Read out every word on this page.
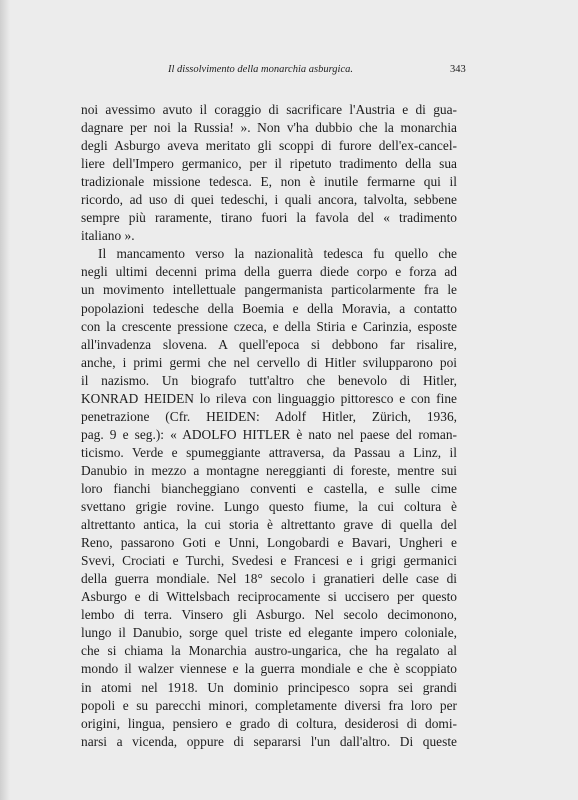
Il dissolvimento della monarchia asburgica.	343
noi avessimo avuto il coraggio di sacrificare l'Austria e di gua-
dagnare per noi la Russia! ». Non v'ha dubbio che la monarchia
degli Asburgo aveva meritato gli scoppi di furore dell'ex-cancel-
liere dell'Impero germanico, per il ripetuto tradimento della sua
tradizionale missione tedesca. E, non è inutile fermarne qui il
ricordo, ad uso di quei tedeschi, i quali ancora, talvolta, sebbene
sempre più raramente, tirano fuori la favola del « tradimento
italiano ».
Il mancamento verso la nazionalità tedesca fu quello che
negli ultimi decenni prima della guerra diede corpo e forza ad
un movimento intellettuale pangermanista particolarmente fra le
popolazioni tedesche della Boemia e della Moravia, a contatto
con la crescente pressione czeca, e della Stiria e Carinzia, esposte
all'invadenza slovena. A quell'epoca si debbono far risalire,
anche, i primi germi che nel cervello di Hitler svilupparono poi
il nazismo. Un biografo tutt'altro che benevolo di Hitler,
KONRAD HEIDEN lo rileva con linguaggio pittoresco e con fine
penetrazione (Cfr. HEIDEN: Adolf Hitler, Zürich, 1936,
pag. 9 e seg.): « ADOLFO HITLER è nato nel paese del roman-
ticismo. Verde e spumeggiante attraversa, da Passau a Linz, il
Danubio in mezzo a montagne nereggianti di foreste, mentre sui
loro fianchi biancheggiano conventi e castella, e sulle cime
svettano grigie rovine. Lungo questo fiume, la cui coltura è
altrettanto antica, la cui storia è altrettanto grave di quella del
Reno, passarono Goti e Unni, Longobardi e Bavari, Ungheri e
Svevi, Crociati e Turchi, Svedesi e Francesi e i grigi germanici
della guerra mondiale. Nel 18° secolo i granatieri delle case di
Asburgo e di Wittelsbach reciprocamente si uccisero per questo
lembo di terra. Vinsero gli Asburgo. Nel secolo decimonono,
lungo il Danubio, sorge quel triste ed elegante impero coloniale,
che si chiama la Monarchia austro-ungarica, che ha regalato al
mondo il walzer viennese e la guerra mondiale e che è scoppiato
in atomi nel 1918. Un dominio principesco sopra sei grandi
popoli e su parecchi minori, completamente diversi fra loro per
origini, lingua, pensiero e grado di coltura, desiderosi di domi-
narsi a vicenda, oppure di separarsi l'un dall'altro. Di queste
